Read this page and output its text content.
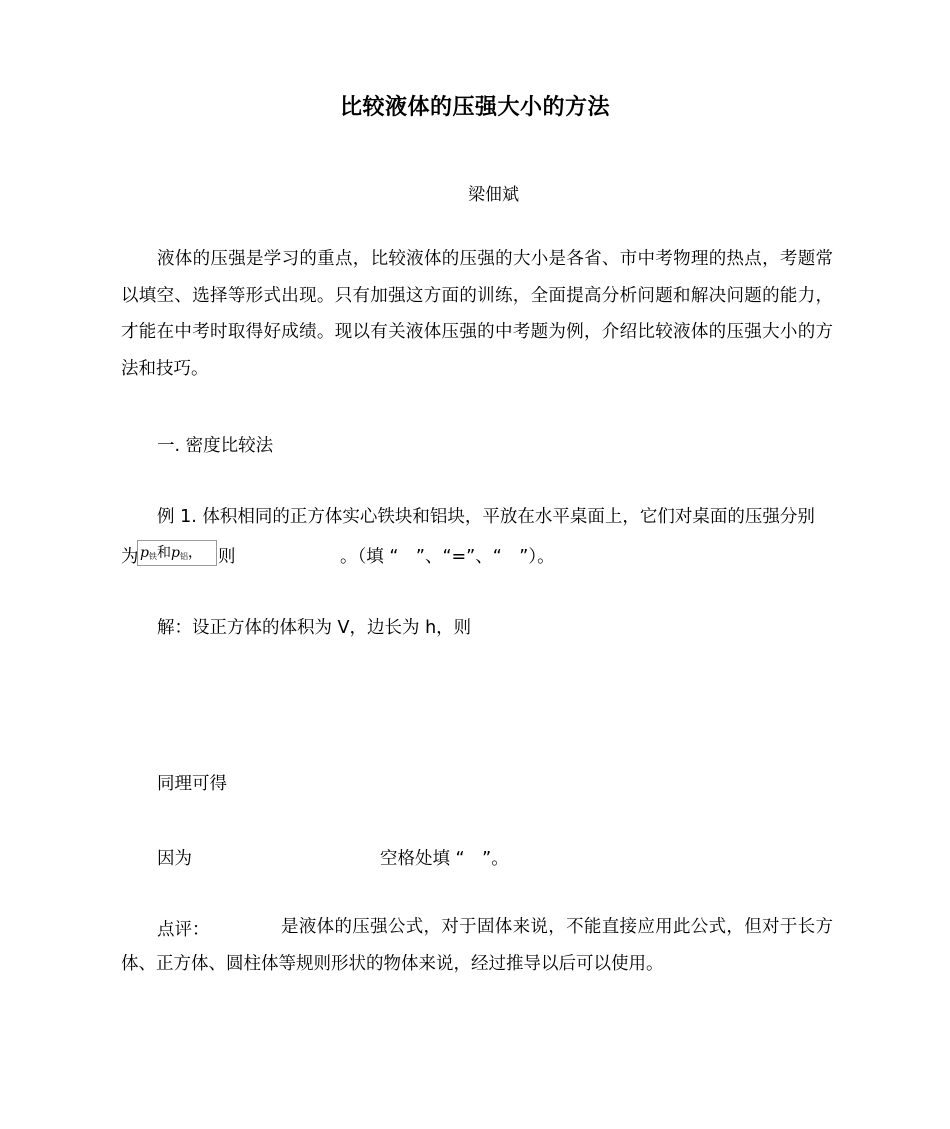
比较液体的压强大小的方法
梁佃斌
液体的压强是学习的重点，比较液体的压强的大小是各省、市中考物理的热点，考题常以填空、选择等形式出现。只有加强这方面的训练，全面提高分析问题和解决问题的能力，才能在中考时取得好成绩。现以有关液体压强的中考题为例，介绍比较液体的压强大小的方法和技巧。
一. 密度比较法
例 1. 体积相同的正方体实心铁块和铝块，平放在水平桌面上，它们对桌面的压强分别
为 $p_铁$和$p_铝$， 则	。（填 “　”、“=”、“　”）。
解：设正方体的体积为 V，边长为 h，则
同理可得
因为	空格处填 “　”。
点评：	是液体的压强公式，对于固体来说，不能直接应用此公式，但对于长方体、正方体、圆柱体等规则形状的物体来说，经过推导以后可以使用。
